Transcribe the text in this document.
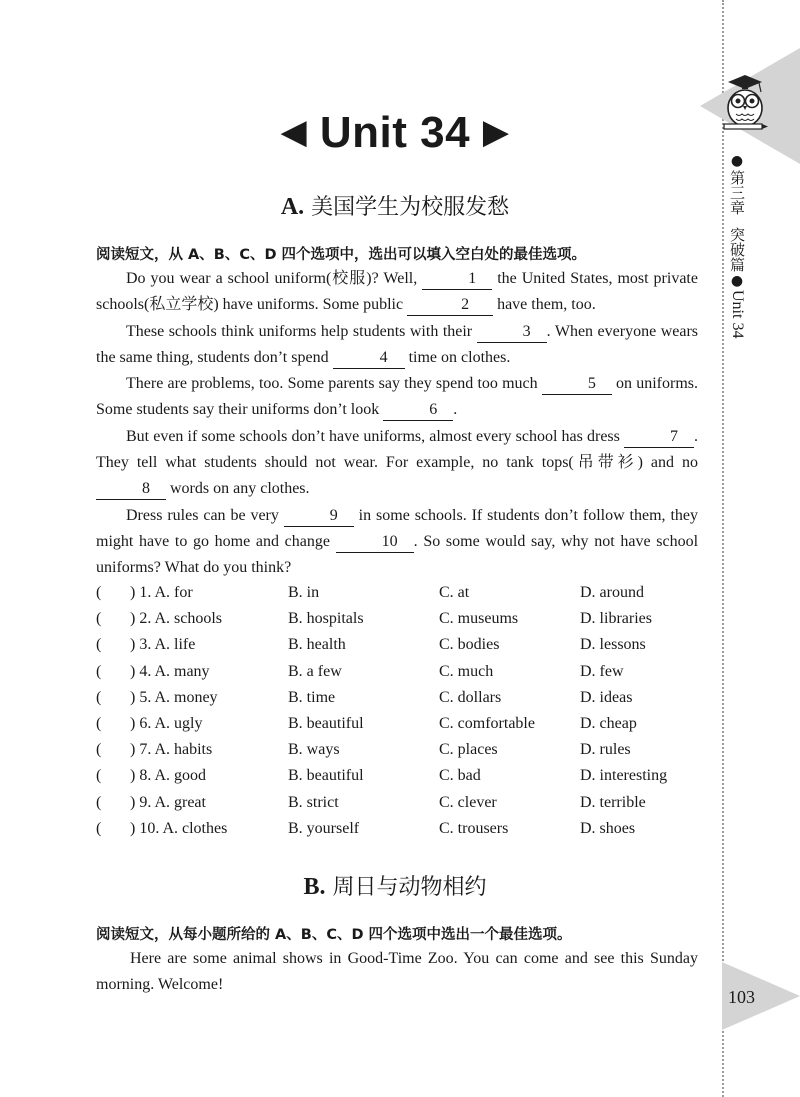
●
第三章
突破篇
●
Unit 34
103
◀ Unit 34 ▶
A. 美国学生为校服发愁
阅读短文，从 A、B、C、D 四个选项中，选出可以填入空白处的最佳选项。

Do you wear a school uniform(校服)? Well,	1 the United States, most private schools(私立学校) have uniforms. Some public	2 have them, too.

These schools think uniforms help students with their	3 . When everyone wears the same thing, students don’t spend	4 time on clothes.

There are problems, too. Some parents say they spend too much	5 on uniforms. Some students say their uniforms don’t look	6 .

But even if some schools don’t have uniforms, almost every school has dress	7 . They tell what students should not wear. For example, no tank tops(吊带衫) and no 8 words on any clothes.

Dress rules can be very	9 in some schools. If students don’t follow them, they might have to go home and change	10 . So some would say, why not have school uniforms? What do you think?

( ) 1. A. for	B. in	C. at	D. around
( ) 2. A. schools	B. hospitals	C. museums	D. libraries
( ) 3. A. life	B. health	C. bodies	D. lessons
( ) 4. A. many	B. a few	C. much	D. few
( ) 5. A. money	B. time	C. dollars	D. ideas
( ) 6. A. ugly	B. beautiful	C. comfortable	D. cheap
( ) 7. A. habits	B. ways	C. places	D. rules
( ) 8. A. good	B. beautiful	C. bad	D. interesting
( ) 9. A. great	B. strict	C. clever	D. terrible
( ) 10. A. clothes	B. yourself	C. trousers	D. shoes
B. 周日与动物相约
阅读短文，从每小题所给的 A、B、C、D 四个选项中选出一个最佳选项。

Here are some animal shows in Good-Time Zoo. You can come and see this Sunday morning. Welcome!
